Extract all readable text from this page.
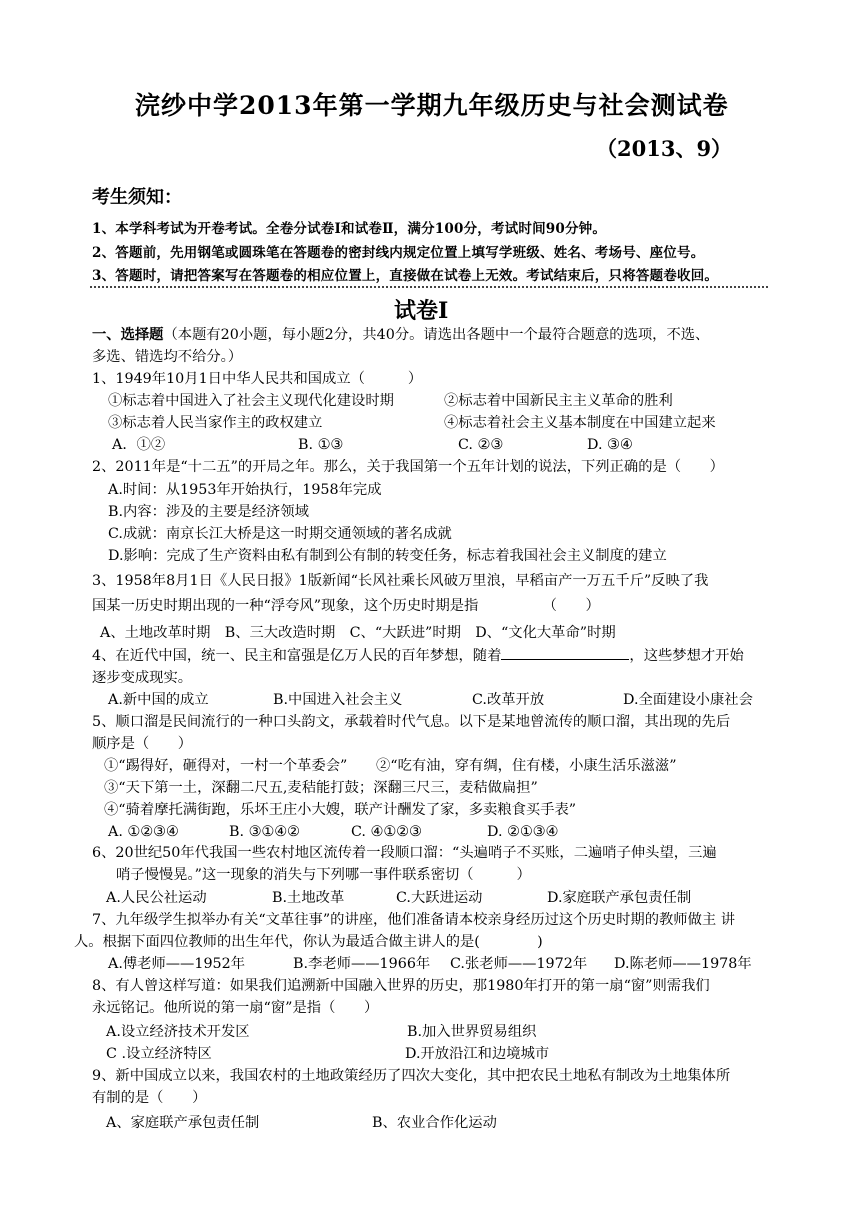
浣纱中学2013年第一学期九年级历史与社会测试卷
（2013、9）
考生须知：
1、本学科考试为开卷考试。全卷分试卷Ⅰ和试卷Ⅱ，满分100分，考试时间90分钟。
2、答题前，先用钢笔或圆珠笔在答题卷的密封线内规定位置上填写学班级、姓名、考场号、座位号。
3、答题时，请把答案写在答题卷的相应位置上，直接做在试卷上无效。考试结束后，只将答题卷收回。
试卷Ⅰ
一、选择题（本题有20小题，每小题2分，共40分。请选出各题中一个最符合题意的选项，不选、
多选、错选均不给分。）
1、1949年10月1日中华人民共和国成立（　　　）
①标志着中国进入了社会主义现代化建设时期	②标志着中国新民主主义革命的胜利
③标志着人民当家作主的政权建立	④标志着社会主义基本制度在中国建立起来
A．①②	B. ①③	C. ②③	D. ③④
2、2011年是“十二五”的开局之年。那么，关于我国第一个五年计划的说法，下列正确的是（　　）
A.时间：从1953年开始执行，1958年完成
B.内容：涉及的主要是经济领域
C.成就：南京长江大桥是这一时期交通领域的著名成就
D.影响：完成了生产资料由私有制到公有制的转变任务，标志着我国社会主义制度的建立
3、1958年8月1日《人民日报》1版新闻“长风社乘长风破万里浪，早稻亩产一万五千斤”反映了我
国某一历史时期出现的一种“浮夸风”现象，这个历史时期是指　　　　　（　　）
A、土地改革时期　B、三大改造时期　C、“大跃进”时期　D、“文化大革命”时期
4、在近代中国，统一、民主和富强是亿万人民的百年梦想，随着	，这些梦想才开始
逐步变成现实。
A.新中国的成立	B.中国进入社会主义	C.改革开放	D.全面建设小康社会
5、顺口溜是民间流行的一种口头韵文，承载着时代气息。以下是某地曾流传的顺口溜，其出现的先后
顺序是（　　）
①“踢得好，砸得对，一村一个革委会”　　②“吃有油，穿有绸，住有楼，小康生活乐滋滋”
③“天下第一土，深翻二尺五,麦秸能打鼓；深翻三尺三，麦秸做扁担”
④“骑着摩托满街跑，乐坏王庄小大嫂，联产计酬发了家，多卖粮食买手表”
A. ①②③④	B. ③①④②	C. ④①②③	D. ②①③④
6、20世纪50年代我国一些农村地区流传着一段顺口溜：“头遍哨子不买账，二遍哨子伸头望，三遍
哨子慢慢晃。”这一现象的消失与下列哪一事件联系密切（　　　）
A.人民公社运动	B.土地改革	C.大跃进运动	D.家庭联产承包责任制
7、九年级学生拟举办有关“文革往事”的讲座，他们准备请本校亲身经历过这个历史时期的教师做主 讲
人。根据下面四位教师的出生年代，你认为最适合做主讲人的是(　　　　)
A.傅老师——1952年	B.李老师——1966年 C.张老师——1972年 D.陈老师——1978年
8、有人曾这样写道：如果我们追溯新中国融入世界的历史，那1980年打开的第一扇“窗”则需我们
永远铭记。他所说的第一扇“窗”是指（　　）
A.设立经济技术开发区	B.加入世界贸易组织
C .设立经济特区	D.开放沿江和边境城市
9、新中国成立以来，我国农村的土地政策经历了四次大变化，其中把农民土地私有制改为土地集体所
有制的是（　　）
A、家庭联产承包责任制	B、农业合作化运动
